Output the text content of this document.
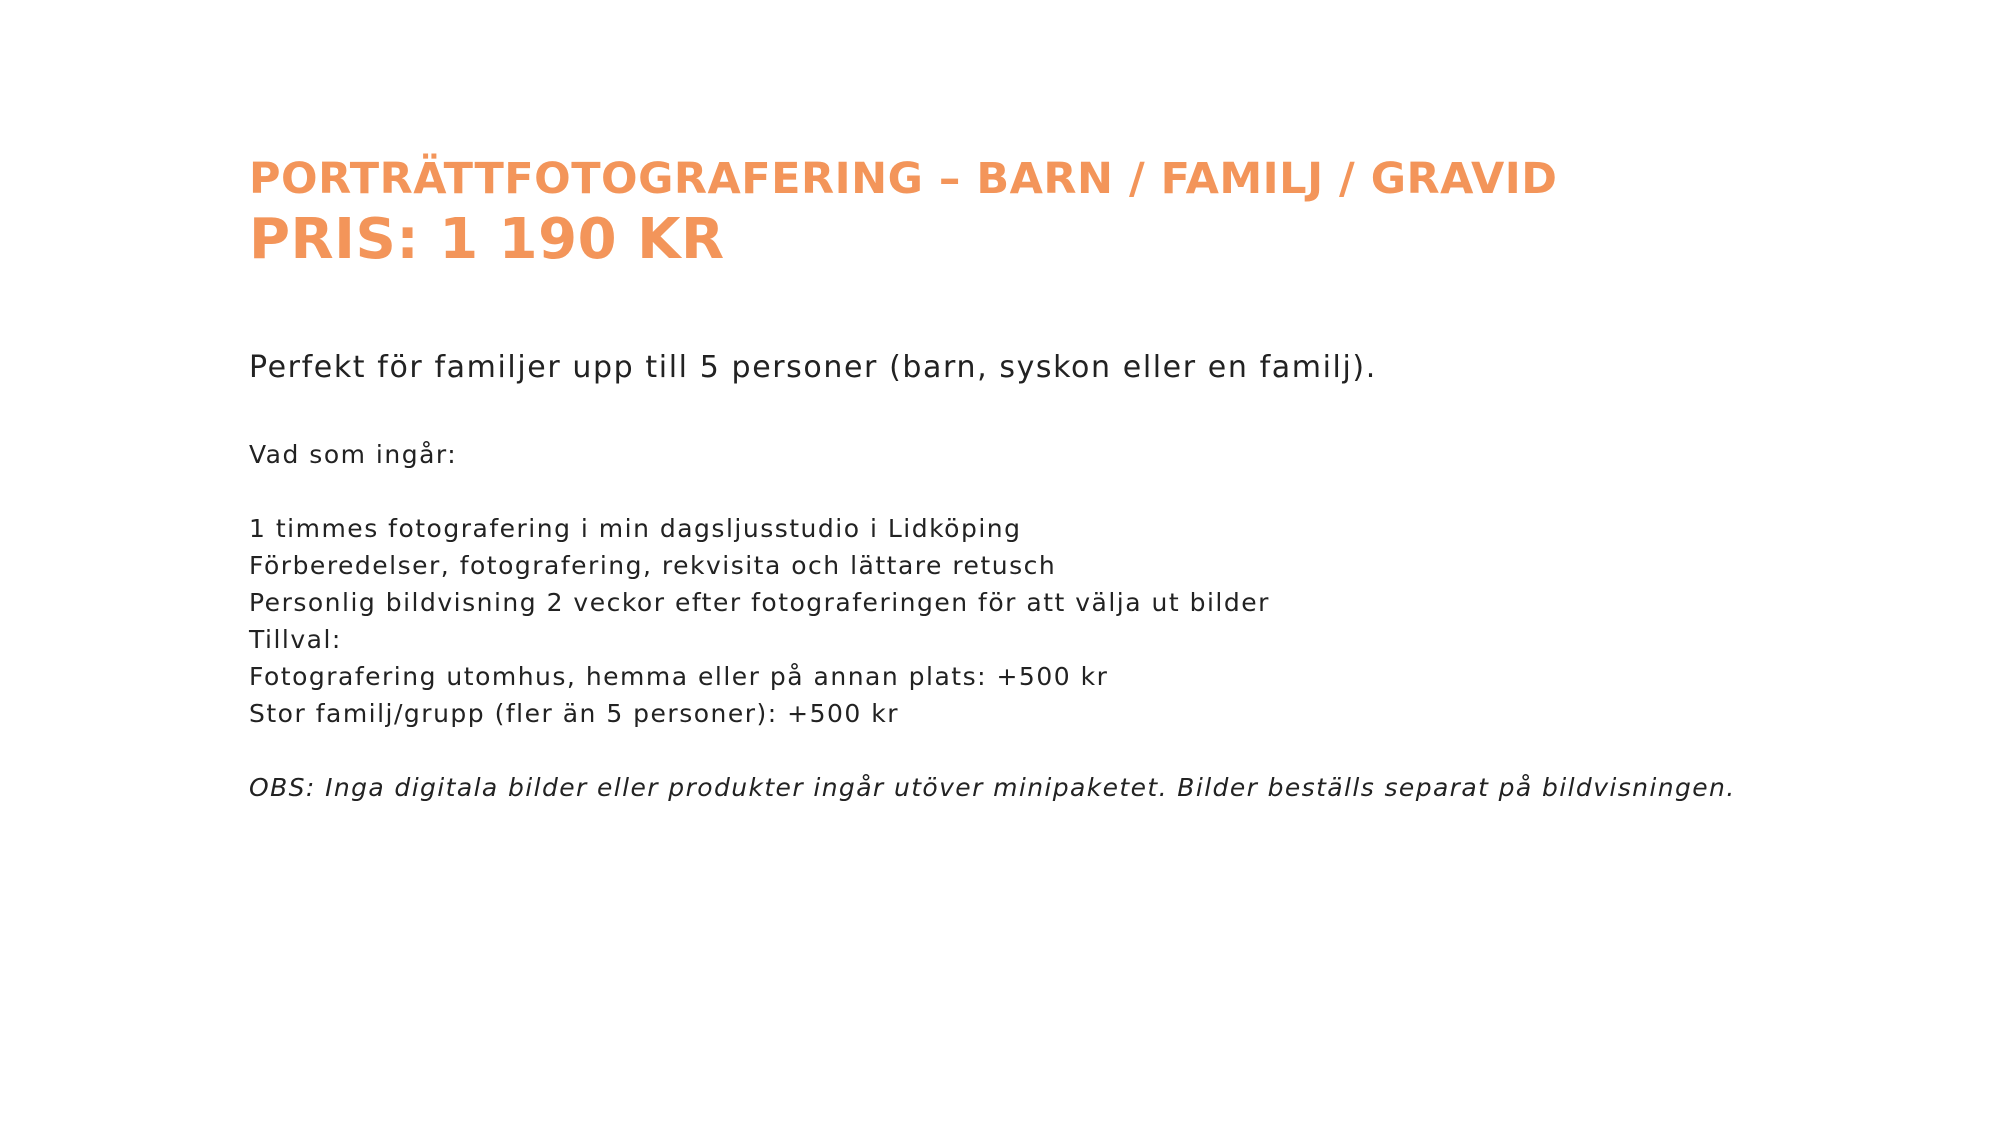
PORTRÄTTFOTOGRAFERING – BARN / FAMILJ / GRAVID
PRIS: 1 190 KR

Perfekt för familjer upp till 5 personer (barn, syskon eller en familj).

Vad som ingår:

1 timmes fotografering i min dagsljusstudio i Lidköping
Förberedelser, fotografering, rekvisita och lättare retusch
Personlig bildvisning 2 veckor efter fotograferingen för att välja ut bilder
Tillval:
Fotografering utomhus, hemma eller på annan plats: +500 kr
Stor familj/grupp (fler än 5 personer): +500 kr

OBS: Inga digitala bilder eller produkter ingår utöver minipaketet. Bilder beställs separat på bildvisningen.
